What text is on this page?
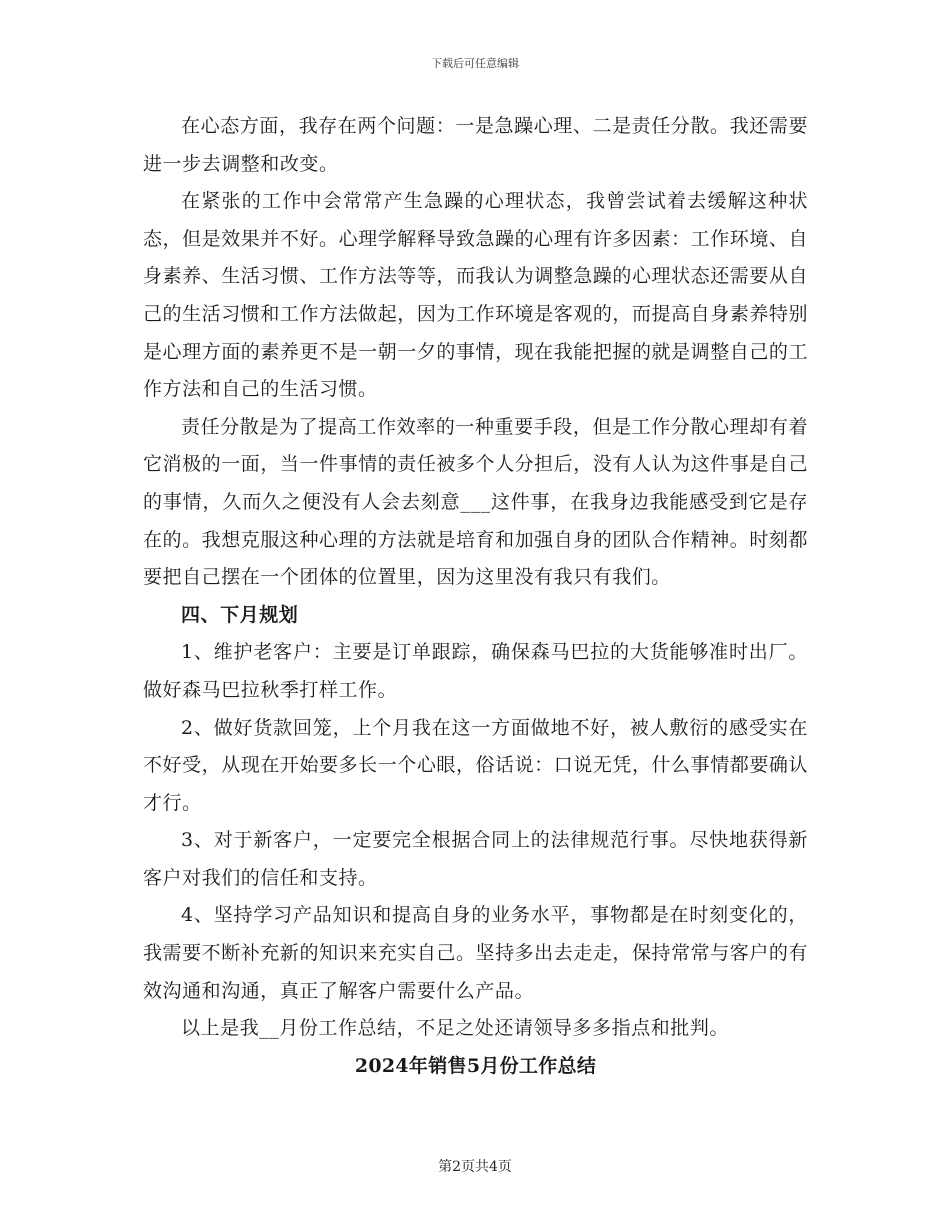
下载后可任意编辑

在心态方面，我存在两个问题：一是急躁心理、二是责任分散。我还需要进一步去调整和改变。

在紧张的工作中会常常产生急躁的心理状态，我曾尝试着去缓解这种状态，但是效果并不好。心理学解释导致急躁的心理有许多因素：工作环境、自身素养、生活习惯、工作方法等等，而我认为调整急躁的心理状态还需要从自己的生活习惯和工作方法做起，因为工作环境是客观的，而提高自身素养特别是心理方面的素养更不是一朝一夕的事情，现在我能把握的就是调整自己的工作方法和自己的生活习惯。

责任分散是为了提高工作效率的一种重要手段，但是工作分散心理却有着它消极的一面，当一件事情的责任被多个人分担后，没有人认为这件事是自己的事情，久而久之便没有人会去刻意___这件事，在我身边我能感受到它是存在的。我想克服这种心理的方法就是培育和加强自身的团队合作精神。时刻都要把自己摆在一个团体的位置里，因为这里没有我只有我们。

四、下月规划

1、维护老客户：主要是订单跟踪，确保森马巴拉的大货能够准时出厂。做好森马巴拉秋季打样工作。

2、做好货款回笼，上个月我在这一方面做地不好，被人敷衍的感受实在不好受，从现在开始要多长一个心眼，俗话说：口说无凭，什么事情都要确认才行。

3、对于新客户，一定要完全根据合同上的法律规范行事。尽快地获得新客户对我们的信任和支持。

4、坚持学习产品知识和提高自身的业务水平，事物都是在时刻变化的，我需要不断补充新的知识来充实自己。坚持多出去走走，保持常常与客户的有效沟通和沟通，真正了解客户需要什么产品。

以上是我__月份工作总结，不足之处还请领导多多指点和批判。

2024年销售5月份工作总结

第2页共4页
